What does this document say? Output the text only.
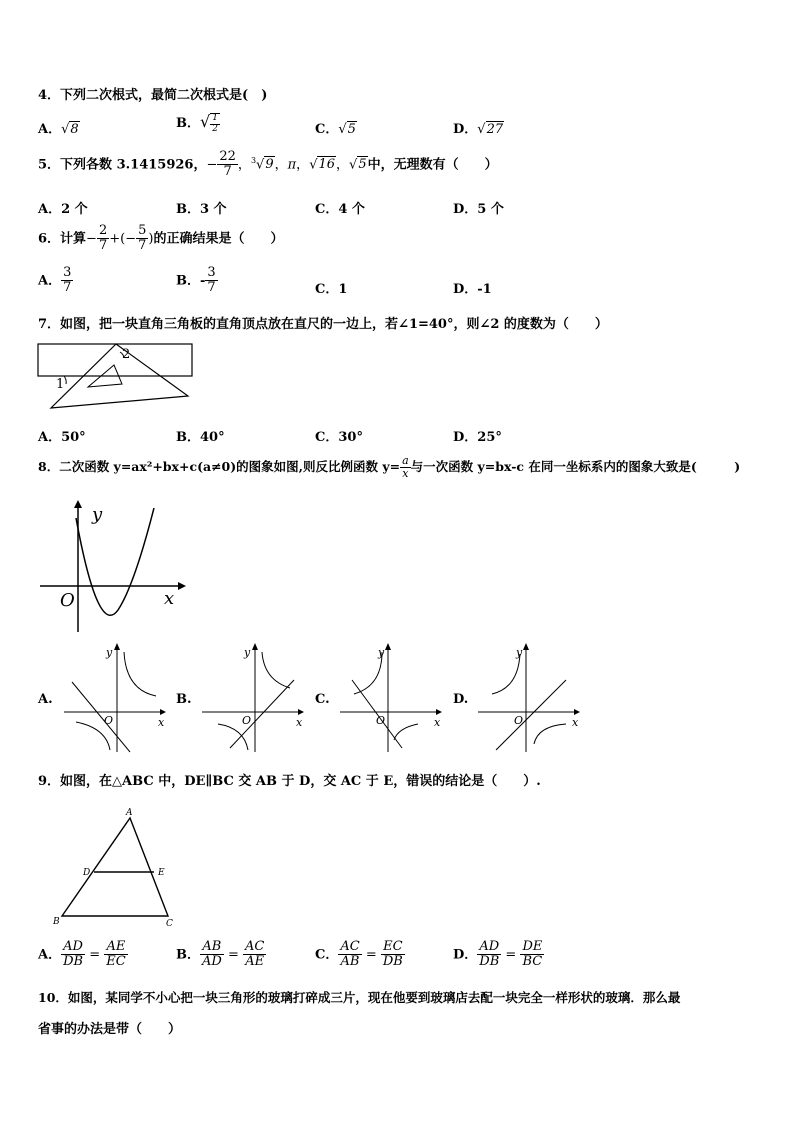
4．下列二次根式，最简二次根式是(　)
A．√8	B．√ $\frac{1}{2}$	C．√5	D．√27
5．下列各数 3.1415926，− $\frac{22}{7}$ ，$^3$√9，π，√16，√5中，无理数有（　　）
A．2 个	B．3 个	C．4 个	D．5 个
6．计算− $\frac{2}{7}$ +(− $\frac{5}{7}$ )的正确结果是（　　）
A． $\frac{3}{7}$	B．- $\frac{3}{7}$	C．1	D．-1
7．如图，把一块直角三角板的直角顶点放在直尺的一边上，若∠1=40°，则∠2 的度数为（　　）
2
1
A．50°	B．40°	C．30°	D．25°
8．二次函数 y=ax²+bx+c(a≠0)的图象如图,则反比例函数 $y= \frac{a}{x}$ 与一次函数 y=bx-c 在同一坐标系内的图象大致是(　　　)
y
x
O
A.
y
x
O
B.
y
x
O
C.
y
x
O
D.
y
x
O
9．如图，在△ABC 中，DE∥BC 交 AB 于 D，交 AC 于 E，错误的结论是（　　）.
A
B	C
D	E
A． $\frac{AD}{DB} = \frac{AE}{EC}$	B． $\frac{AB}{AD} = \frac{AC}{AE}$	C． $\frac{AC}{AB} = \frac{EC}{DB}$	D． $\frac{AD}{DB} = \frac{DE}{BC}$
10．如图，某同学不小心把一块三角形的玻璃打碎成三片，现在他要到玻璃店去配一块完全一样形状的玻璃．那么最
省事的办法是带（　　）
